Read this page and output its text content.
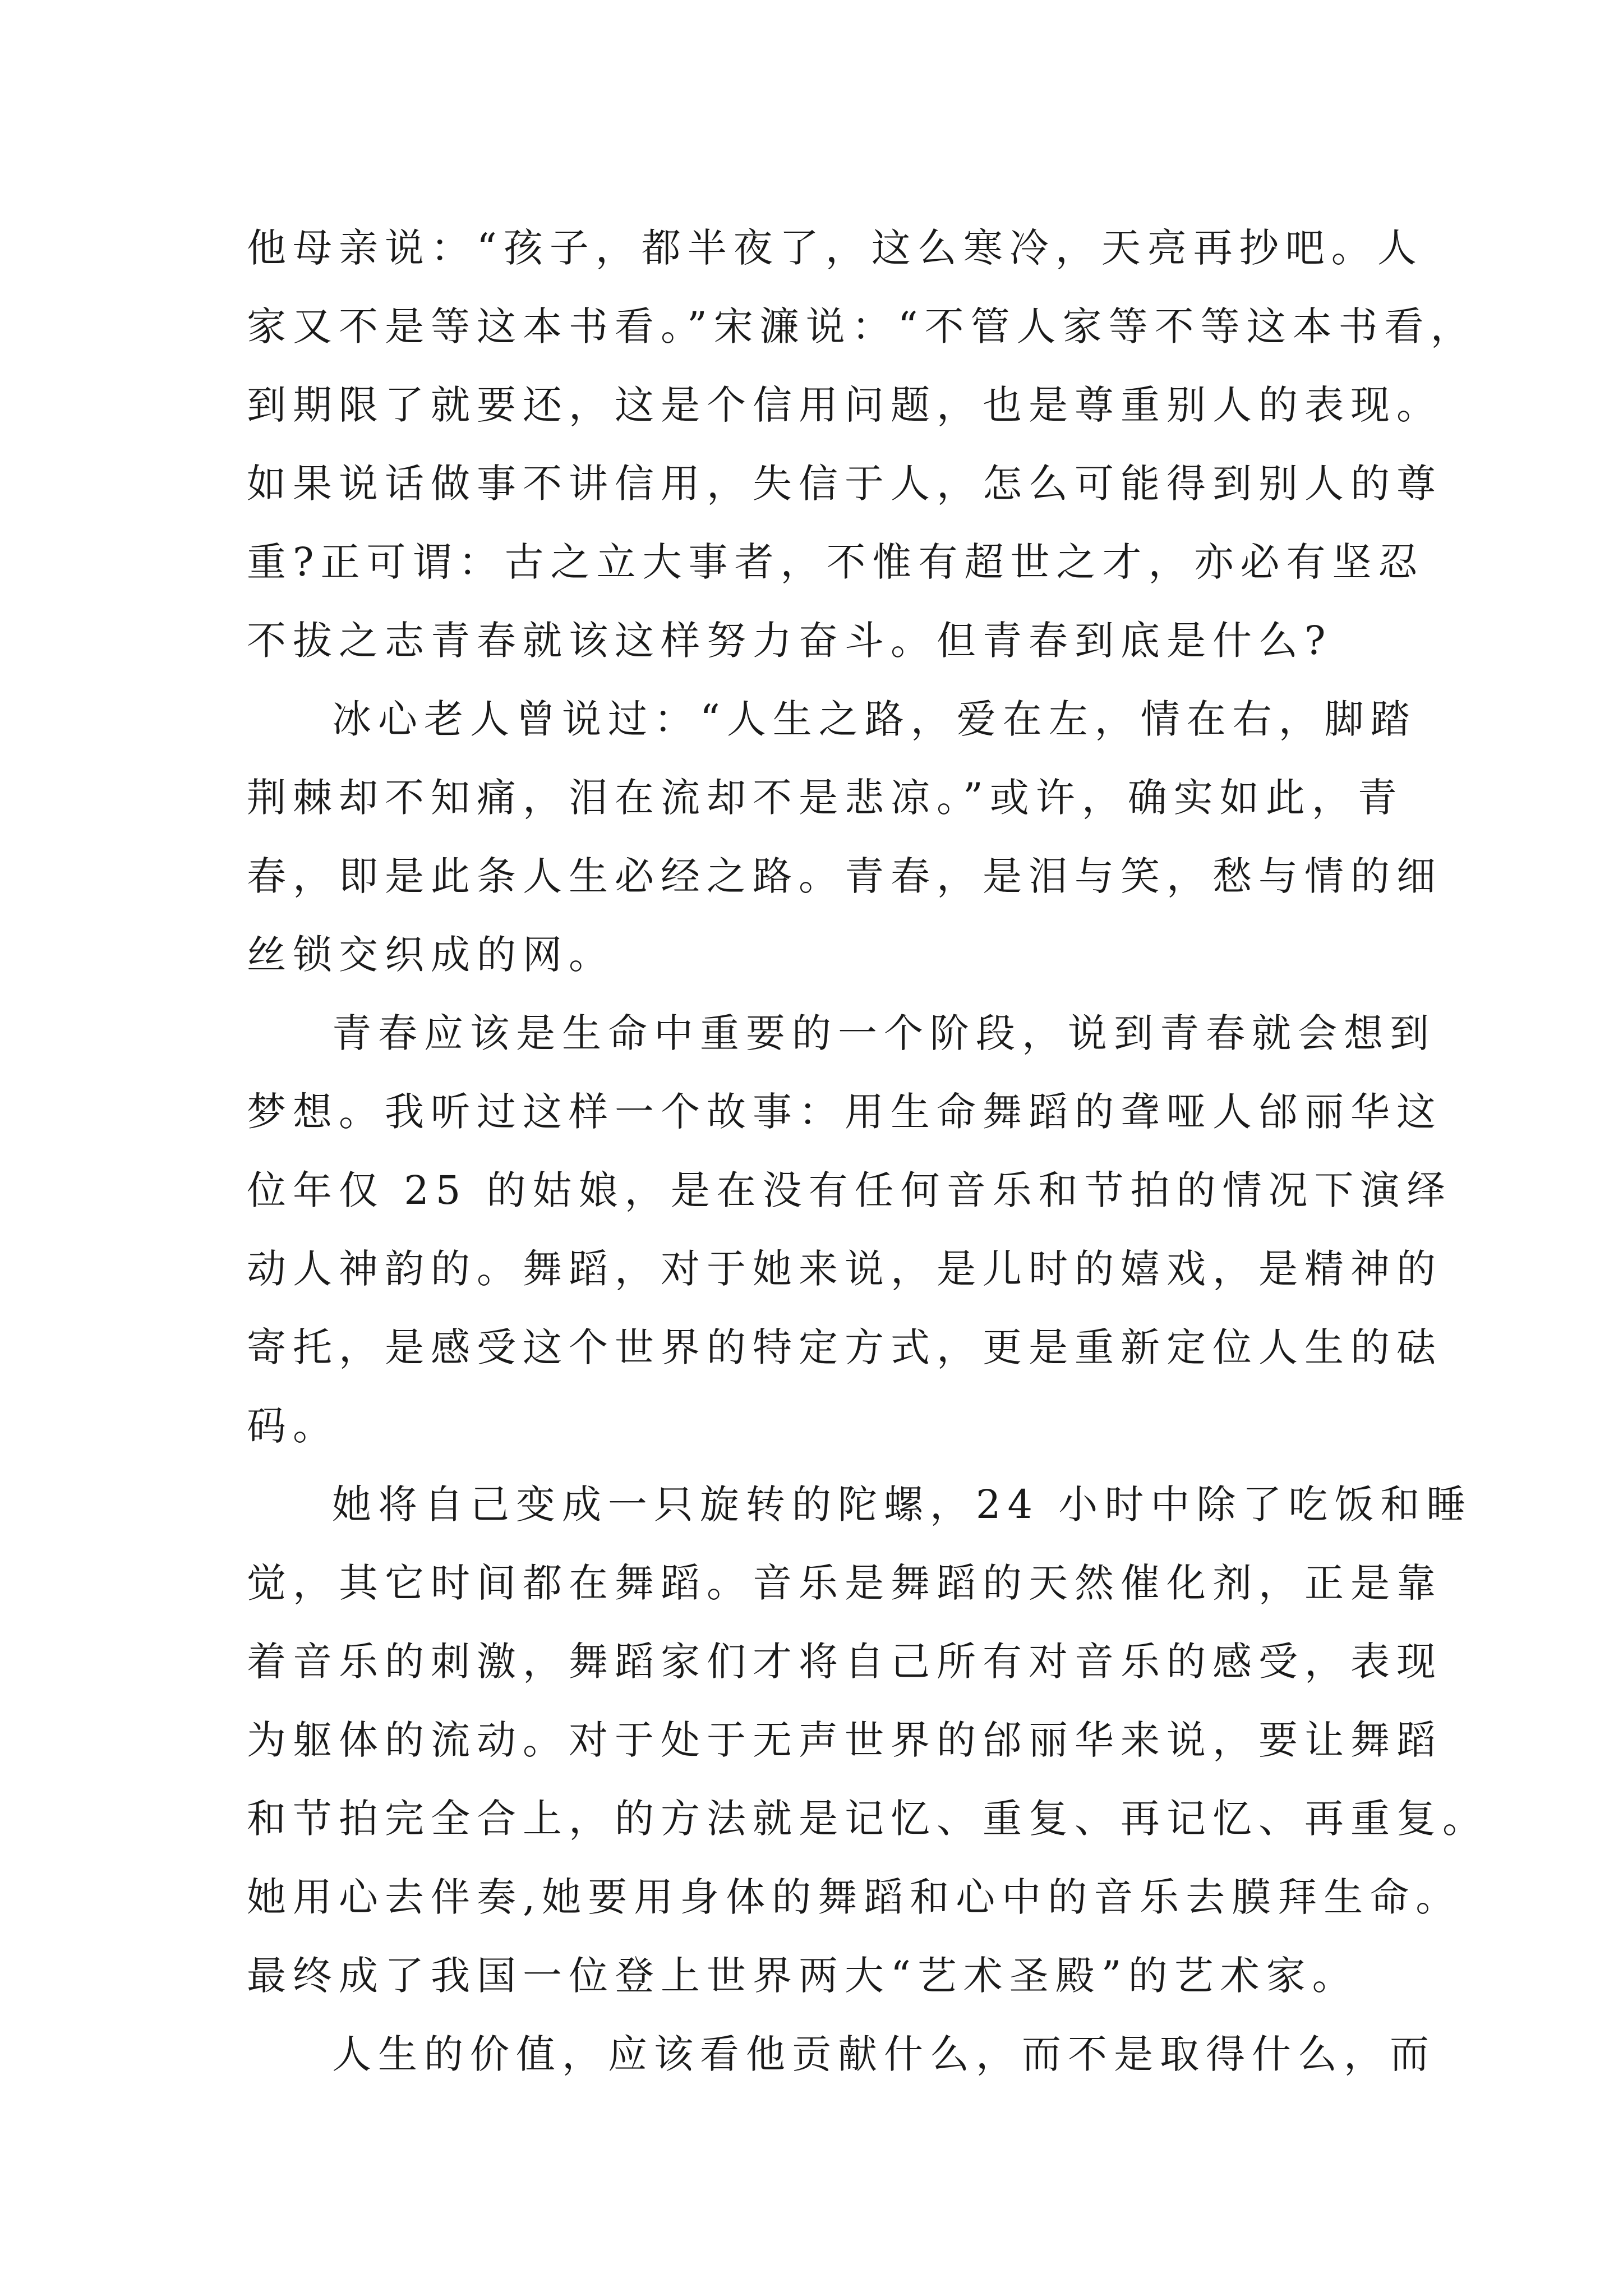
他母亲说：“孩子，都半夜了，这么寒冷，天亮再抄吧。人
家又不是等这本书看。”宋濂说：“不管人家等不等这本书看，
到期限了就要还，这是个信用问题，也是尊重别人的表现。
如果说话做事不讲信用，失信于人，怎么可能得到别人的尊
重?正可谓：古之立大事者，不惟有超世之才，亦必有坚忍
不拔之志青春就该这样努力奋斗。但青春到底是什么?
冰心老人曾说过：“人生之路，爱在左，情在右，脚踏
荆棘却不知痛，泪在流却不是悲凉。”或许，确实如此，青
春，即是此条人生必经之路。青春，是泪与笑，愁与情的细
丝锁交织成的网。
青春应该是生命中重要的一个阶段，说到青春就会想到
梦想。我听过这样一个故事：用生命舞蹈的聋哑人邰丽华这
位年仅 25 的姑娘，是在没有任何音乐和节拍的情况下演绎
动人神韵的。舞蹈，对于她来说，是儿时的嬉戏，是精神的
寄托，是感受这个世界的特定方式，更是重新定位人生的砝
码。
她将自己变成一只旋转的陀螺，24 小时中除了吃饭和睡
觉，其它时间都在舞蹈。音乐是舞蹈的天然催化剂，正是靠
着音乐的刺激，舞蹈家们才将自己所有对音乐的感受，表现
为躯体的流动。对于处于无声世界的邰丽华来说，要让舞蹈
和节拍完全合上，的方法就是记忆、重复、再记忆、再重复。
她用心去伴奏,她要用身体的舞蹈和心中的音乐去膜拜生命。
最终成了我国一位登上世界两大“艺术圣殿”的艺术家。
人生的价值，应该看他贡献什么，而不是取得什么，而
